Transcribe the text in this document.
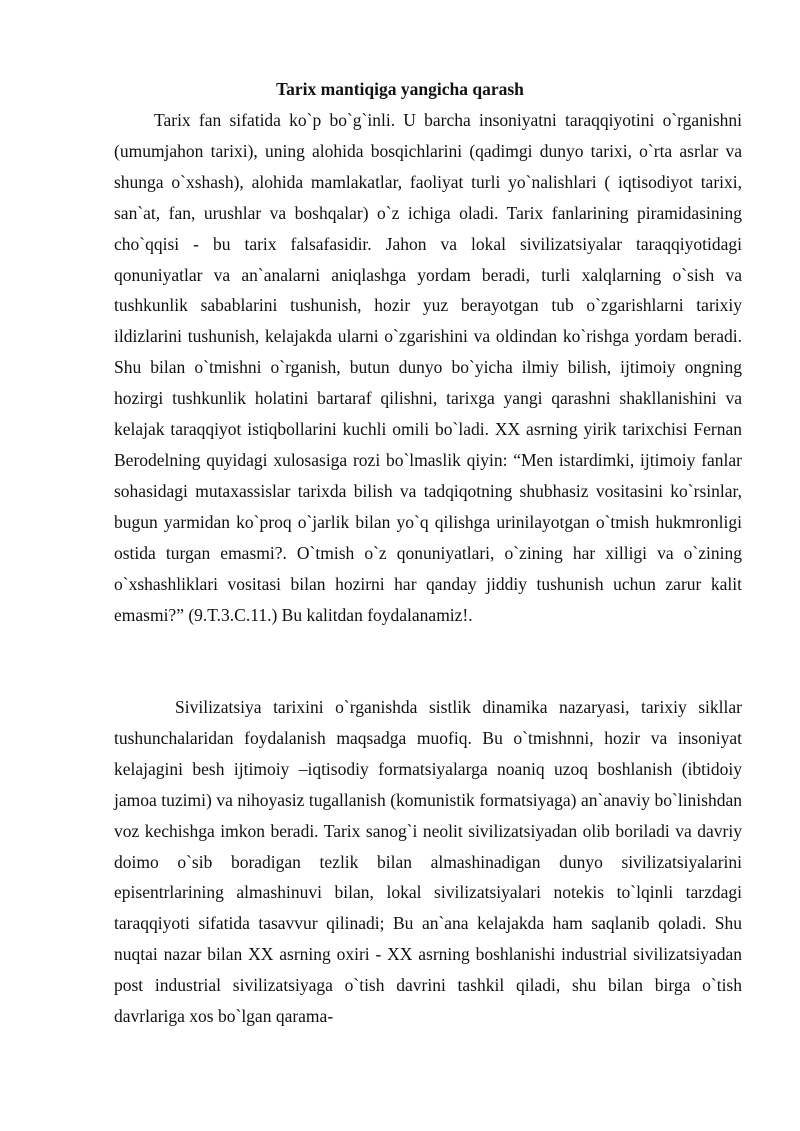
Tarix mantiqiga yangicha qarash

Tarix fan sifatida ko`p bo`g`inli. U barcha insoniyatni taraqqiyotini o`rganishni (umumjahon tarixi), uning alohida bosqichlarini (qadimgi dunyo tarixi, o`rta asrlar va shunga o`xshash), alohida mamlakatlar, faoliyat turli yo`nalishlari ( iqtisodiyot tarixi, san`at, fan, urushlar va boshqalar) o`z ichiga oladi. Tarix fanlarining piramidasining cho`qqisi - bu tarix falsafasidir. Jahon va lokal sivilizatsiyalar taraqqiyotidagi qonuniyatlar va an`analarni aniqlashga yordam beradi, turli xalqlarning o`sish va tushkunlik sabablarini tushunish, hozir yuz berayotgan tub o`zgarishlarni tarixiy ildizlarini tushunish, kelajakda ularni o`zgarishini va oldindan ko`rishga yordam beradi. Shu bilan o`tmishni o`rganish, butun dunyo bo`yicha ilmiy bilish, ijtimoiy ongning hozirgi tushkunlik holatini bartaraf qilishni, tarixga yangi qarashni shakllanishini va kelajak taraqqiyot istiqbollarini kuchli omili bo`ladi. XX asrning yirik tarixchisi Fernan Berodelning quyidagi xulosasiga rozi bo`lmaslik qiyin: “Men istardimki, ijtimoiy fanlar sohasidagi mutaxassislar tarixda bilish va tadqiqotning shubhasiz vositasini ko`rsinlar, bugun yarmidan ko`proq o`jarlik bilan yo`q qilishga urinilayotgan o`tmish hukmronligi ostida turgan emasmi?. O`tmish o`z qonuniyatlari, o`zining har xilligi va o`zining o`xshashliklari vositasi bilan hozirni har qanday jiddiy tushunish uchun zarur kalit emasmi?” (9.T.3.C.11.) Bu kalitdan foydalanamiz!.

Sivilizatsiya tarixini o`rganishda sistlik dinamika nazaryasi, tarixiy sikllar tushunchalaridan foydalanish maqsadga muofiq. Bu o`tmishnni, hozir va insoniyat kelajagini besh ijtimoiy –iqtisodiy formatsiyalarga noaniq uzoq boshlanish (ibtidoiy jamoa tuzimi) va nihoyasiz tugallanish (komunistik formatsiyaga) an`anaviy bo`linishdan voz kechishga imkon beradi. Tarix sanog`i neolit sivilizatsiyadan olib boriladi va davriy doimo o`sib boradigan tezlik bilan almashinadigan dunyo sivilizatsiyalarini episentrlarining almashinuvi bilan, lokal sivilizatsiyalari notekis to`lqinli tarzdagi taraqqiyoti sifatida tasavvur qilinadi; Bu an`ana kelajakda ham saqlanib qoladi. Shu nuqtai nazar bilan XX asrning oxiri - XX asrning boshlanishi industrial sivilizatsiyadan post industrial sivilizatsiyaga o`tish davrini tashkil qiladi, shu bilan birga o`tish davrlariga xos bo`lgan qarama-
